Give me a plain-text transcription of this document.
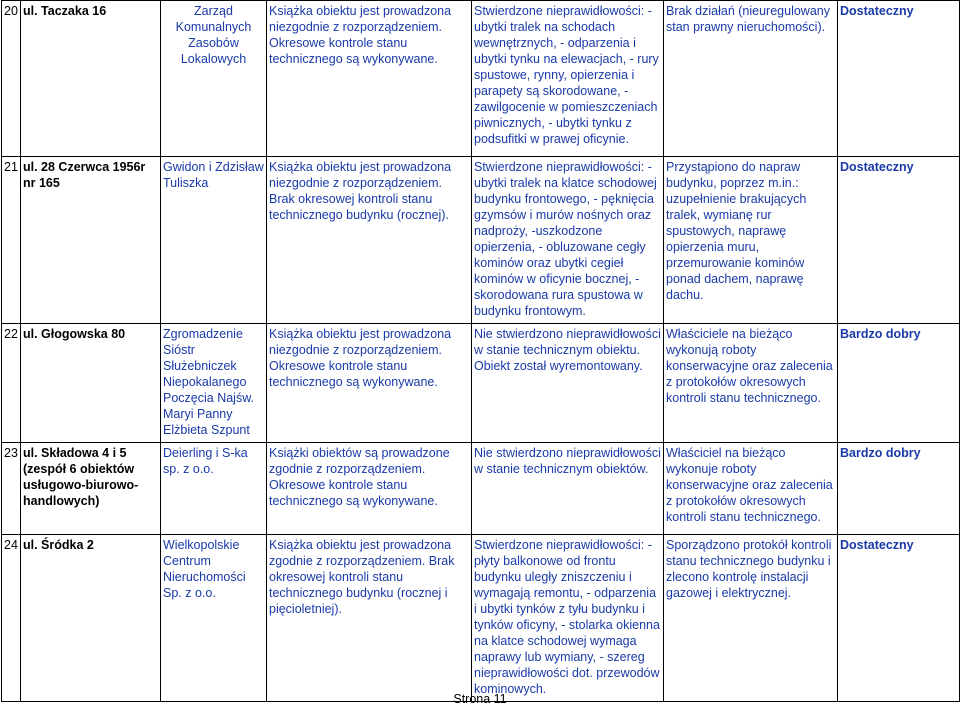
20	ul. Taczaka 16	Zarząd Komunalnych Zasobów Lokalowych	Książka obiektu jest prowadzona niezgodnie z rozporządzeniem. Okresowe kontrole stanu technicznego są wykonywane.	Stwierdzone nieprawidłowości: - ubytki tralek na schodach wewnętrznych, - odparzenia i ubytki tynku na elewacjach, - rury spustowe, rynny, opierzenia i parapety są skorodowane, - zawilgocenie w pomieszczeniach piwnicznych, - ubytki tynku z podsufitki w prawej oficynie.	Brak działań (nieuregulowany stan prawny nieruchomości).	Dostateczny
21	ul. 28 Czerwca 1956r nr 165	Gwidon i Zdzisław Tuliszka	Książka obiektu jest prowadzona niezgodnie z rozporządzeniem. Brak okresowej kontroli stanu technicznego budynku (rocznej).	Stwierdzone nieprawidłowości: - ubytki tralek na klatce schodowej budynku frontowego, - pęknięcia gzymsów i murów nośnych oraz nadproży, -uszkodzone opierzenia, - obluzowane cegły kominów oraz ubytki cegieł kominów w oficynie bocznej, - skorodowana rura spustowa w budynku frontowym.	Przystąpiono do napraw budynku, poprzez m.in.: uzupełnienie brakujących tralek, wymianę rur spustowych, naprawę opierzenia muru, przemurowanie kominów ponad dachem, naprawę dachu.	Dostateczny
22	ul. Głogowska 80	Zgromadzenie Sióstr Służebniczek Niepokalanego Poczęcia Najśw. Maryi Panny Elżbieta Szpunt	Książka obiektu jest prowadzona niezgodnie z rozporządzeniem. Okresowe kontrole stanu technicznego są wykonywane.	Nie stwierdzono nieprawidłowości w stanie technicznym obiektu. Obiekt został wyremontowany.	Właściciele na bieżąco wykonują roboty konserwacyjne oraz zalecenia z protokołów okresowych kontroli stanu technicznego.	Bardzo dobry
23	ul. Składowa 4 i 5 (zespół 6 obiektów usługowo-biurowo-handlowych)	Deierling i S-ka sp. z o.o.	Książki obiektów są prowadzone zgodnie z rozporządzeniem. Okresowe kontrole stanu technicznego są wykonywane.	Nie stwierdzono nieprawidłowości w stanie technicznym obiektów.	Właściciel na bieżąco wykonuje roboty konserwacyjne oraz zalecenia z protokołów okresowych kontroli stanu technicznego.	Bardzo dobry
24	ul. Śródka 2	Wielkopolskie Centrum Nieruchomości Sp. z o.o.	Książka obiektu jest prowadzona zgodnie z rozporządzeniem. Brak okresowej kontroli stanu technicznego budynku (rocznej i pięcioletniej).	Stwierdzone nieprawidłowości: - płyty balkonowe od frontu budynku uległy zniszczeniu i wymagają remontu, - odparzenia i ubytki tynków z tyłu budynku i tynków oficyny, - stolarka okienna na klatce schodowej wymaga naprawy lub wymiany, - szereg nieprawidłowości dot. przewodów kominowych.	Sporządzono protokół kontroli stanu technicznego budynku i zlecono kontrolę instalacji gazowej i elektrycznej.	Dostateczny
Strona 11
